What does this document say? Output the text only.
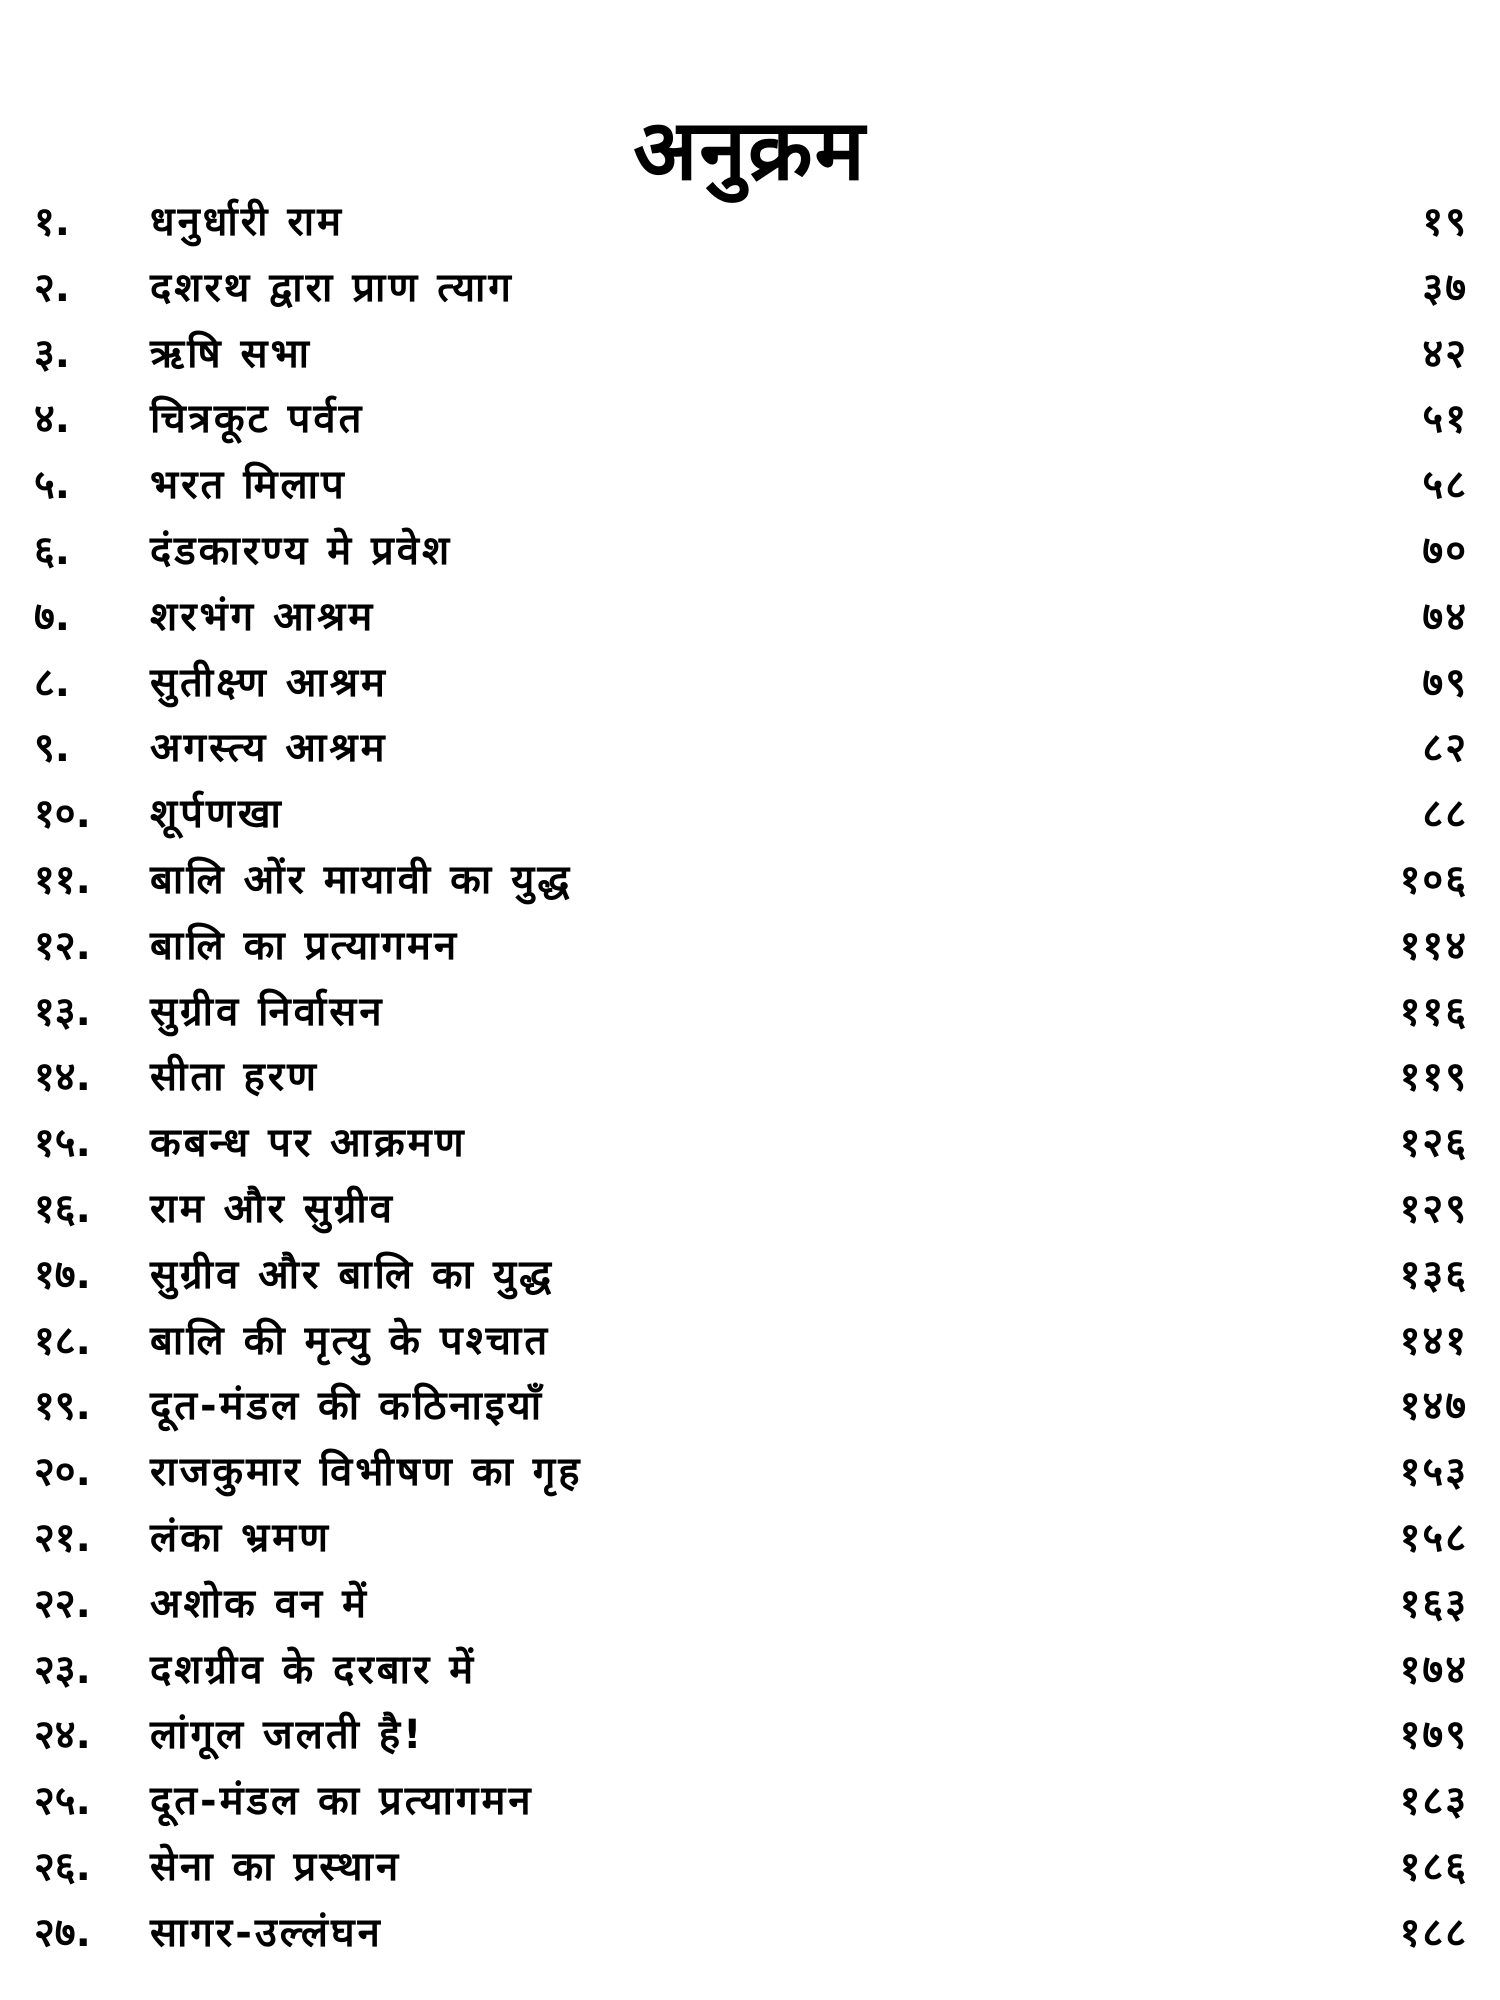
अनुक्रम
१. धनुर्धारी राम	१९
२. दशरथ द्वारा प्राण त्याग	३७
३. ऋषि सभा	४२
४. चित्रकूट पर्वत	५१
५. भरत मिलाप	५८
६. दंडकारण्य मे प्रवेश	७०
७. शरभंग आश्रम	७४
८. सुतीक्ष्ण आश्रम	७९
९. अगस्त्य आश्रम	८२
१०. शूर्पणखा	८८
११. बालि ओंर मायावी का युद्ध	१०६
१२. बालि का प्रत्यागमन	११४
१३. सुग्रीव निर्वासन	११६
१४. सीता हरण	११९
१५. कबन्ध पर आक्रमण	१२६
१६. राम और सुग्रीव	१२९
१७. सुग्रीव और बालि का युद्ध	१३६
१८. बालि की मृत्यु के पश्चात	१४१
१९. दूत-मंडल की कठिनाइयाँ	१४७
२०. राजकुमार विभीषण का गृह	१५३
२१. लंका भ्रमण	१५८
२२. अशोक वन में	१६३
२३. दशग्रीव के दरबार में	१७४
२४. लांगूल जलती है!	१७९
२५. दूत-मंडल का प्रत्यागमन	१८३
२६. सेना का प्रस्थान	१८६
२७. सागर-उल्लंघन	१८८
